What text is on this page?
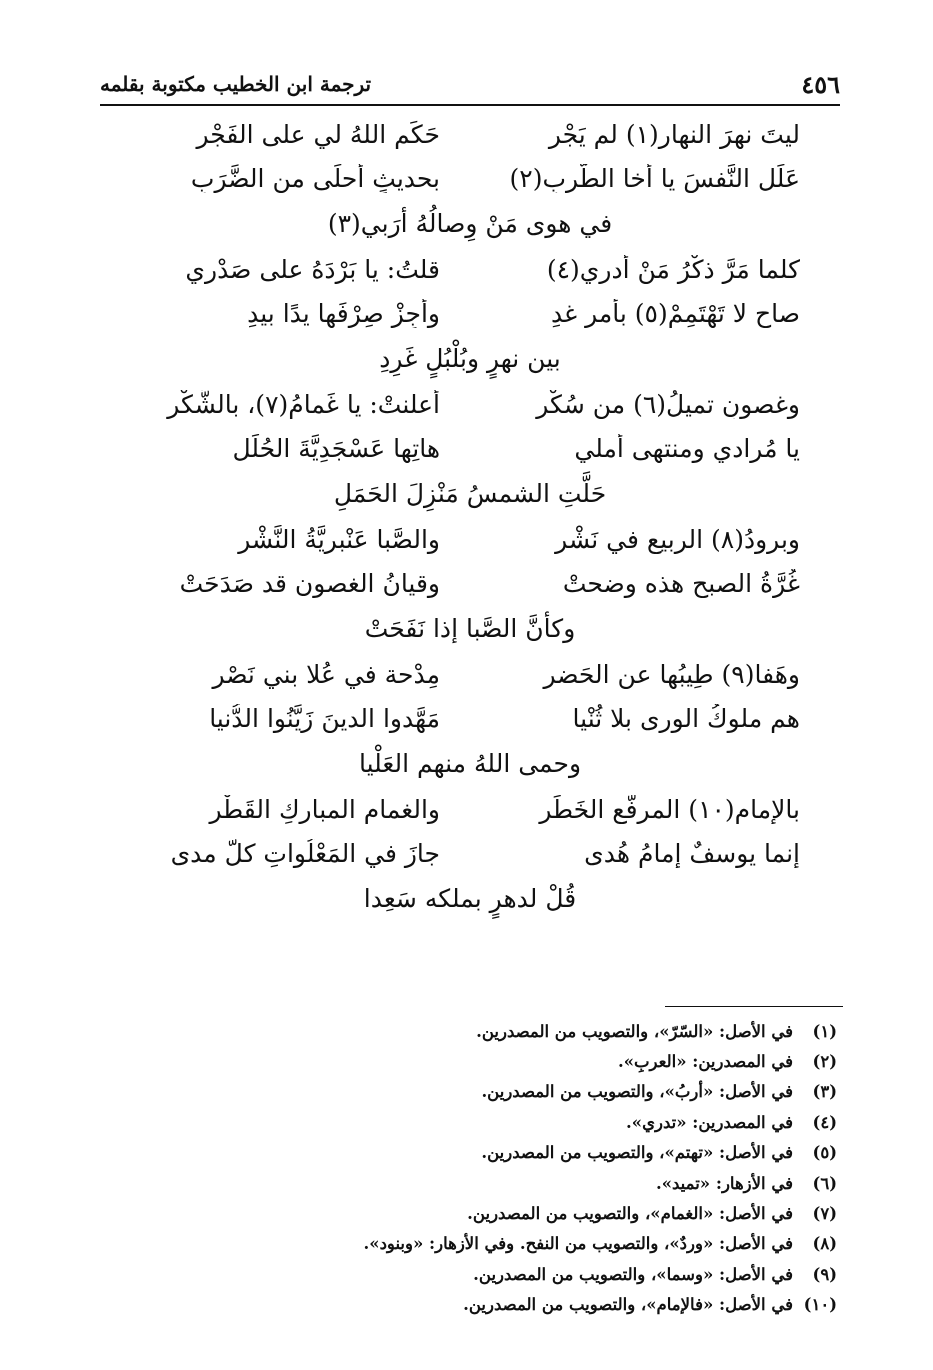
٤٥٦
ترجمة ابن الخطيب مكتوبة بقلمه
ليتَ نهرَ النهارِ(١) لم يَجْرِ
حَكَم اللهُ لي على الفَجْرِ
عَلِّلِ النَّفسَ يا أخا الطَّربِ(٢)
بحديثٍ أحلَى من الضَّرَبِ
في هوى مَنْ وِصالُهُ أرَبي(٣)
كلما مَرَّ ذكْرُ مَنْ أدري(٤)
قلتُ: يا بَرْدَهُ على صَدْري
صاحِ لا تَهْتَمِمْ(٥) بأمرِ غدِ
وأجِزْ صِرْفَها يدًا بيدِ
بين نهرٍ وبُلْبُلٍ غَرِدِ
وغصونٍ تميلُ(٦) من سُكْرِ
أعلنتْ: يا غَمامُ(٧)، بالشُّكْرِ
يا مُرادي ومنتهى أملي
هاتِها عَسْجَدِيَّةَ الحُلَلِ
حَلَّتِ الشمسُ مَنْزِلَ الحَمَلِ
وبرودُ(٨) الربيعِ في نَشْرِ
والصَّبا عَنْبرِيَّةُ النَّشْرِ
غُرَّةُ الصبحِ هذه وضحتْ
وقيانُ الغصونِ قد صَدَحَتْ
وكأنَّ الصَّبا إذا نَفَحَتْ
وهَفا(٩) طِيبُها عن الحَضرِ
مِدْحة في عُلا بني نَصْرِ
هم ملوكُ الورى بلا ثُنْيا
مَهَّدوا الدينَ زَيَّنُوا الدُّنيا
وحمى اللهُ منهم العَلْيا
بالإمامِ(١٠) المرفَّعِ الخَطَرِ
والغمامِ المباركِ القَطْرِ
إنما يوسفٌ إمامُ هُدى
جازَ في المَعْلُواتِ كلَّ مدى
قُلْ لدهرٍ بملكه سَعِدا
(١)
في الأصل: «السّرّ»، والتصويب من المصدرين.
(٢)
في المصدرين: «العربِ».
(٣)
في الأصل: «أربُ»، والتصويب من المصدرين.
(٤)
في المصدرين: «تدري».
(٥)
في الأصل: «تهتم»، والتصويب من المصدرين.
(٦)
في الأزهار: «تميد».
(٧)
في الأصل: «الغمام»، والتصويب من المصدرين.
(٨)
في الأصل: «وردٌ»، والتصويب من النفح. وفي الأزهار: «وبنود».
(٩)
في الأصل: «وسما»، والتصويب من المصدرين.
(١٠)
في الأصل: «فالإمام»، والتصويب من المصدرين.
